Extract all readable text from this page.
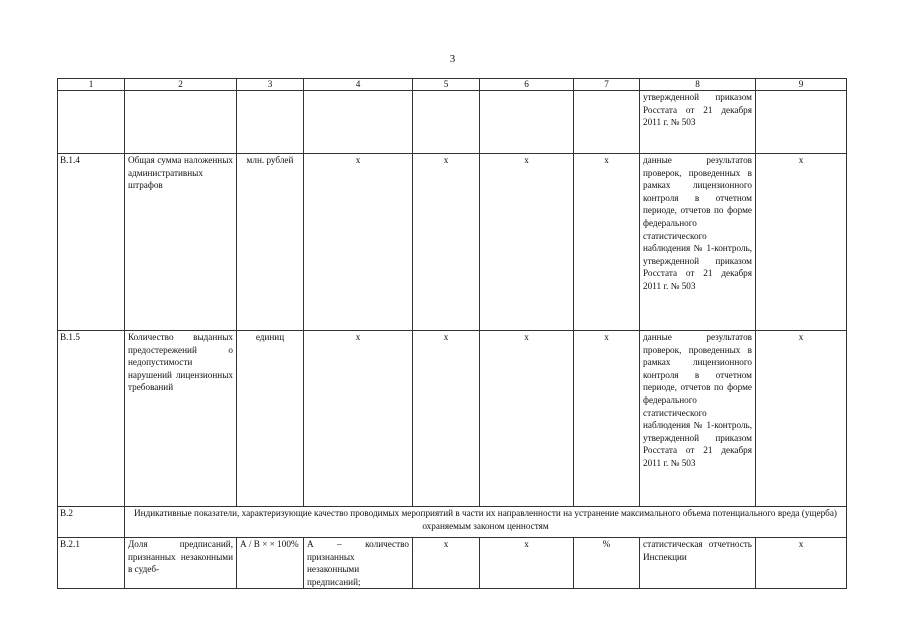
3
1	2	3	4	5	6	7	8	9
							утвержденной приказом Росстата от 21 декабря 2011 г. № 503	
В.1.4	Общая сумма наложенных административных штрафов	млн. рублей	х	х	х	х	данные результатов проверок, проведенных в рамках лицензионного контроля в отчетном периоде, отчетов по форме федерального статистического наблюдения № 1-контроль, утвержденной приказом Росстата от 21 декабря 2011 г. № 503	х
В.1.5	Количество выданных предостережений о недопустимости нарушений лицензионных требований	единиц	х	х	х	х	данные результатов проверок, проведенных в рамках лицензионного контроля в отчетном периоде, отчетов по форме федерального статистического наблюдения № 1-контроль, утвержденной приказом Росстата от 21 декабря 2011 г. № 503	х
В.2	Индикативные показатели, характеризующие качество проводимых мероприятий в части их направленности на устранение максимального объема потенциального вреда (ущерба) охраняемым законом ценностям							
В.2.1	Доля предписаний, признанных незаконными в судеб-	А / В × × 100%	А – количество признанных незаконными предписаний;	х	х	%	статистическая отчетность Инспекции	х
